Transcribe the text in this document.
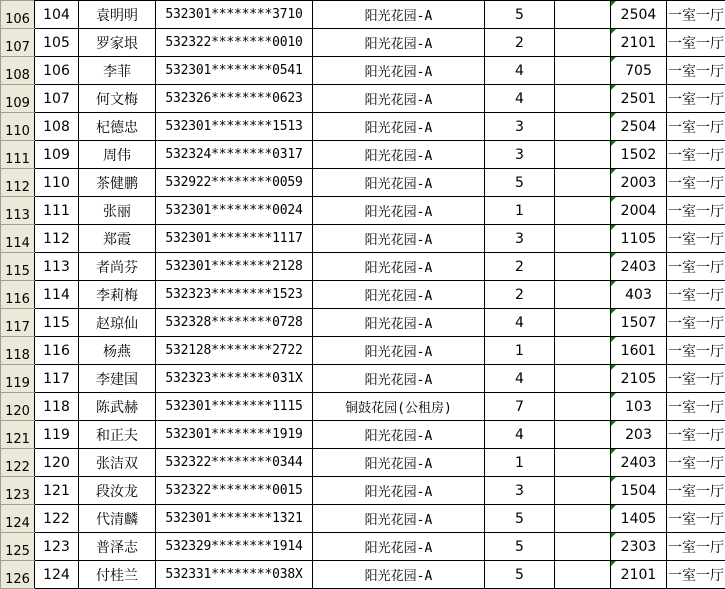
106	104	袁明明	532301********3710	阳光花园-A	5		2504	一室一厅
107	105	罗家垠	532322********0010	阳光花园-A	2		2101	一室一厅
108	106	李菲	532301********0541	阳光花园-A	4		705	一室一厅
109	107	何文梅	532326********0623	阳光花园-A	4		2501	一室一厅
110	108	杞德忠	532301********1513	阳光花园-A	3		2504	一室一厅
111	109	周伟	532324********0317	阳光花园-A	3		1502	一室一厅
112	110	茶健鹏	532922********0059	阳光花园-A	5		2003	一室一厅
113	111	张丽	532301********0024	阳光花园-A	1		2004	一室一厅
114	112	郑霞	532301********1117	阳光花园-A	3		1105	一室一厅
115	113	者尚芬	532301********2128	阳光花园-A	2		2403	一室一厅
116	114	李莉梅	532323********1523	阳光花园-A	2		403	一室一厅
117	115	赵琼仙	532328********0728	阳光花园-A	4		1507	一室一厅
118	116	杨燕	532128********2722	阳光花园-A	1		1601	一室一厅
119	117	李建国	532323********031X	阳光花园-A	4		2105	一室一厅
120	118	陈武赫	532301********1115	铜鼓花园(公租房)	7		103	一室一厅
121	119	和正夫	532301********1919	阳光花园-A	4		203	一室一厅
122	120	张洁双	532322********0344	阳光花园-A	1		2403	一室一厅
123	121	段汝龙	532322********0015	阳光花园-A	3		1504	一室一厅
124	122	代清麟	532301********1321	阳光花园-A	5		1405	一室一厅
125	123	普泽志	532329********1914	阳光花园-A	5		2303	一室一厅
126	124	付桂兰	532331********038X	阳光花园-A	5		2101	一室一厅
